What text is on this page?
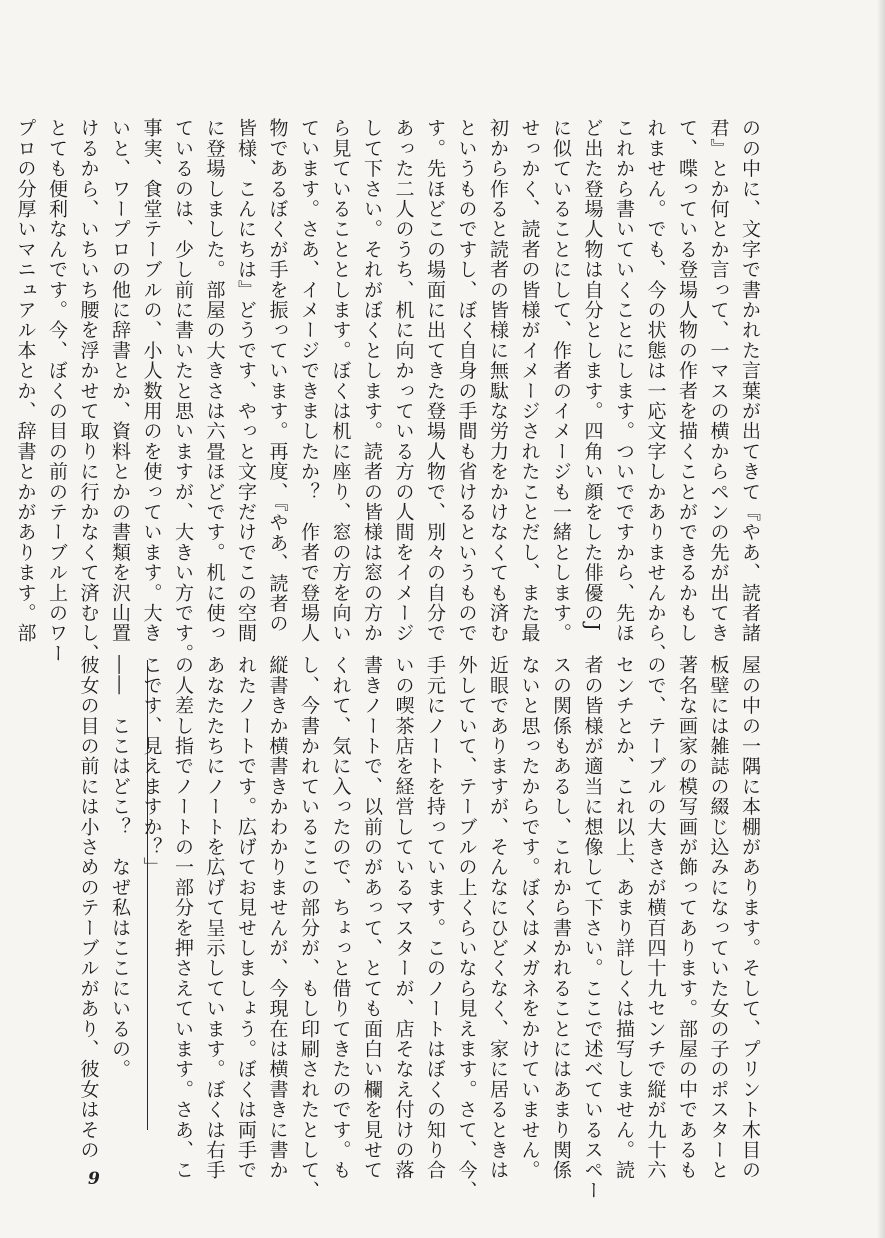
のの中に、文字で書かれた言葉が出てきて『やあ、読者諸
君』とか何とか言って、一マスの横からペンの先が出てき
て、喋っている登場人物の作者を描くことができるかもし
れません。でも、今の状態は一応文字しかありませんから、
これから書いていくことにします。ついでですから、先ほ
ど出た登場人物は自分とします。四角い顔をした俳優のJ
に似ていることにして、作者のイメージも一緒とします。
せっかく、読者の皆様がイメージされたことだし、また最
初から作ると読者の皆様に無駄な労力をかけなくても済む
というものですし、ぼく自身の手間も省けるというもので
す。先ほどこの場面に出てきた登場人物で、別々の自分で
あった二人のうち、机に向かっている方の人間をイメージ
して下さい。それがぼくとします。読者の皆様は窓の方か
ら見ていることとします。ぼくは机に座り、窓の方を向い
ています。さあ、イメージできましたか？　作者で登場人
物であるぼくが手を振っています。再度、『やあ、読者の
皆様、こんにちは』どうです、やっと文字だけでこの空間
に登場しました。部屋の大きさは六畳ほどです。机に使っ
ているのは、少し前に書いたと思いますが、大きい方です。
事実、食堂テーブルの、小人数用のを使っています。大き
いと、ワープロの他に辞書とか、資料とかの書類を沢山置
けるから、いちいち腰を浮かせて取りに行かなくて済むし、
とても便利なんです。今、ぼくの目の前のテーブル上のワー
プロの分厚いマニュアル本とか、辞書とかがあります。部
屋の中の一隅に本棚があります。そして、プリント木目の
板壁には雑誌の綴じ込みになっていた女の子のポスターと
著名な画家の模写画が飾ってあります。部屋の中であるも
ので、テーブルの大きさが横百四十九センチで縦が九十六
センチとか、これ以上、あまり詳しくは描写しません。読
者の皆様が適当に想像して下さい。ここで述べているスペー
スの関係もあるし、これから書かれることにはあまり関係
ないと思ったからです。ぼくはメガネをかけていません。
近眼でありますが、そんなにひどくなく、家に居るときは
外していて、テーブルの上くらいなら見えます。さて、今、
手元にノートを持っています。このノートはぼくの知り合
いの喫茶店を経営しているマスターが、店そなえ付けの落
書きノートで、以前のがあって、とても面白い欄を見せて
くれて、気に入ったので、ちょっと借りてきたのです。も
し、今書かれているここの部分が、もし印刷されたとして、
縦書きか横書きかわかりませんが、今現在は横書きに書か
れたノートです。広げてお見せしましょう。ぼくは両手で
あなたたちにノートを広げて呈示しています。ぼくは右手
の人差し指でノートの一部分を押さえています。さあ、こ
こです、見えますか？」
――　ここはどこ？　なぜ私はここにいるの。
彼女の目の前には小さめのテーブルがあり、彼女はその
9
